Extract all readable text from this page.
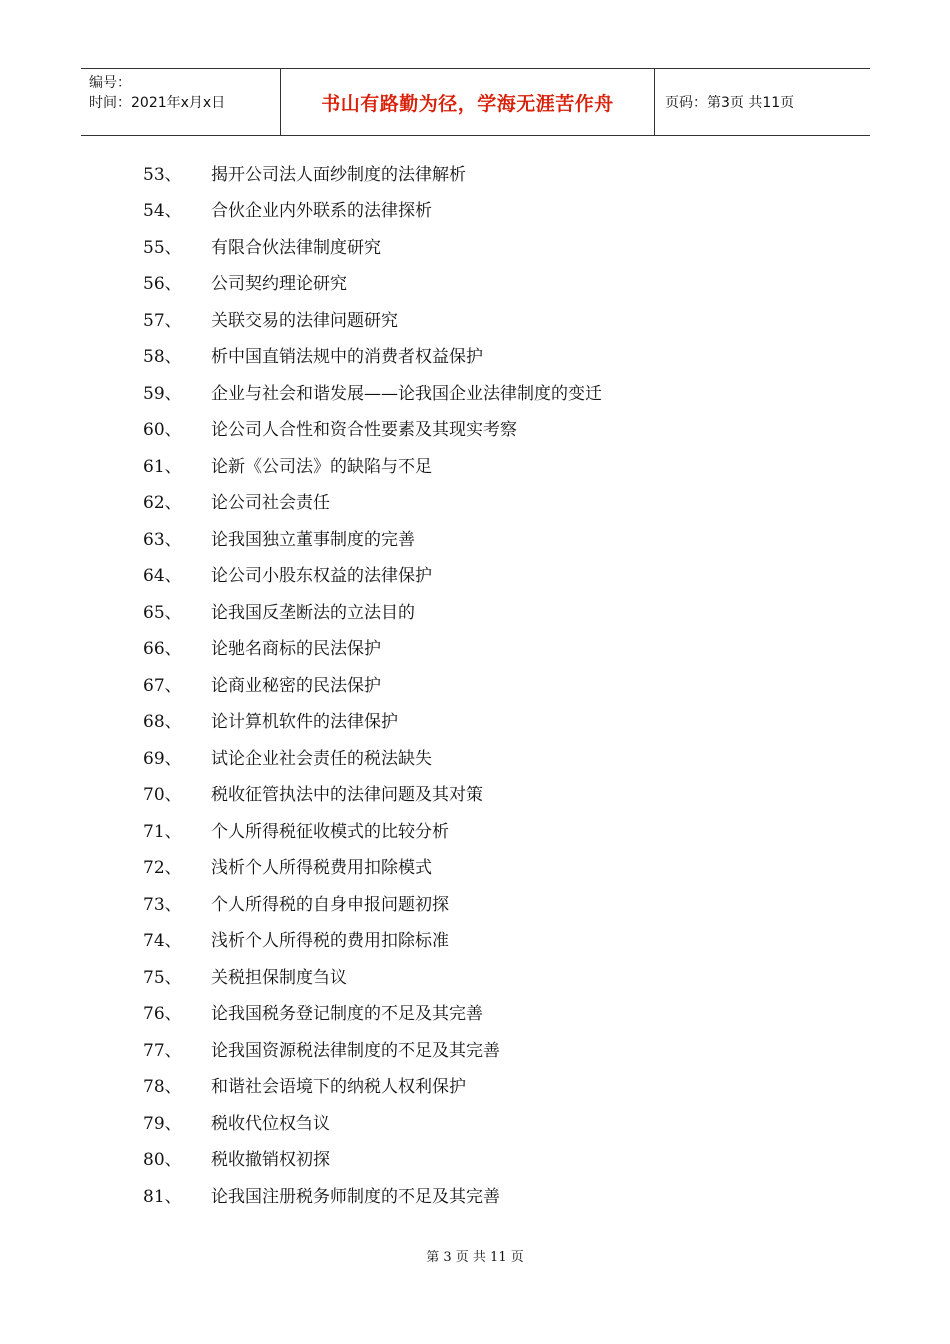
编号：
时间：2021年x月x日	书山有路勤为径，学海无涯苦作舟	页码：第3页 共11页
53、	揭开公司法人面纱制度的法律解析
54、	合伙企业内外联系的法律探析
55、	有限合伙法律制度研究
56、	公司契约理论研究
57、	关联交易的法律问题研究
58、	析中国直销法规中的消费者权益保护
59、	企业与社会和谐发展——论我国企业法律制度的变迁
60、	论公司人合性和资合性要素及其现实考察
61、	论新《公司法》的缺陷与不足
62、	论公司社会责任
63、	论我国独立董事制度的完善
64、	论公司小股东权益的法律保护
65、	论我国反垄断法的立法目的
66、	论驰名商标的民法保护
67、	论商业秘密的民法保护
68、	论计算机软件的法律保护
69、	试论企业社会责任的税法缺失
70、	税收征管执法中的法律问题及其对策
71、	个人所得税征收模式的比较分析
72、	浅析个人所得税费用扣除模式
73、	个人所得税的自身申报问题初探
74、	浅析个人所得税的费用扣除标准
75、	关税担保制度刍议
76、	论我国税务登记制度的不足及其完善
77、	论我国资源税法律制度的不足及其完善
78、	和谐社会语境下的纳税人权利保护
79、	税收代位权刍议
80、	税收撤销权初探
81、	论我国注册税务师制度的不足及其完善
第 3 页 共 11 页
